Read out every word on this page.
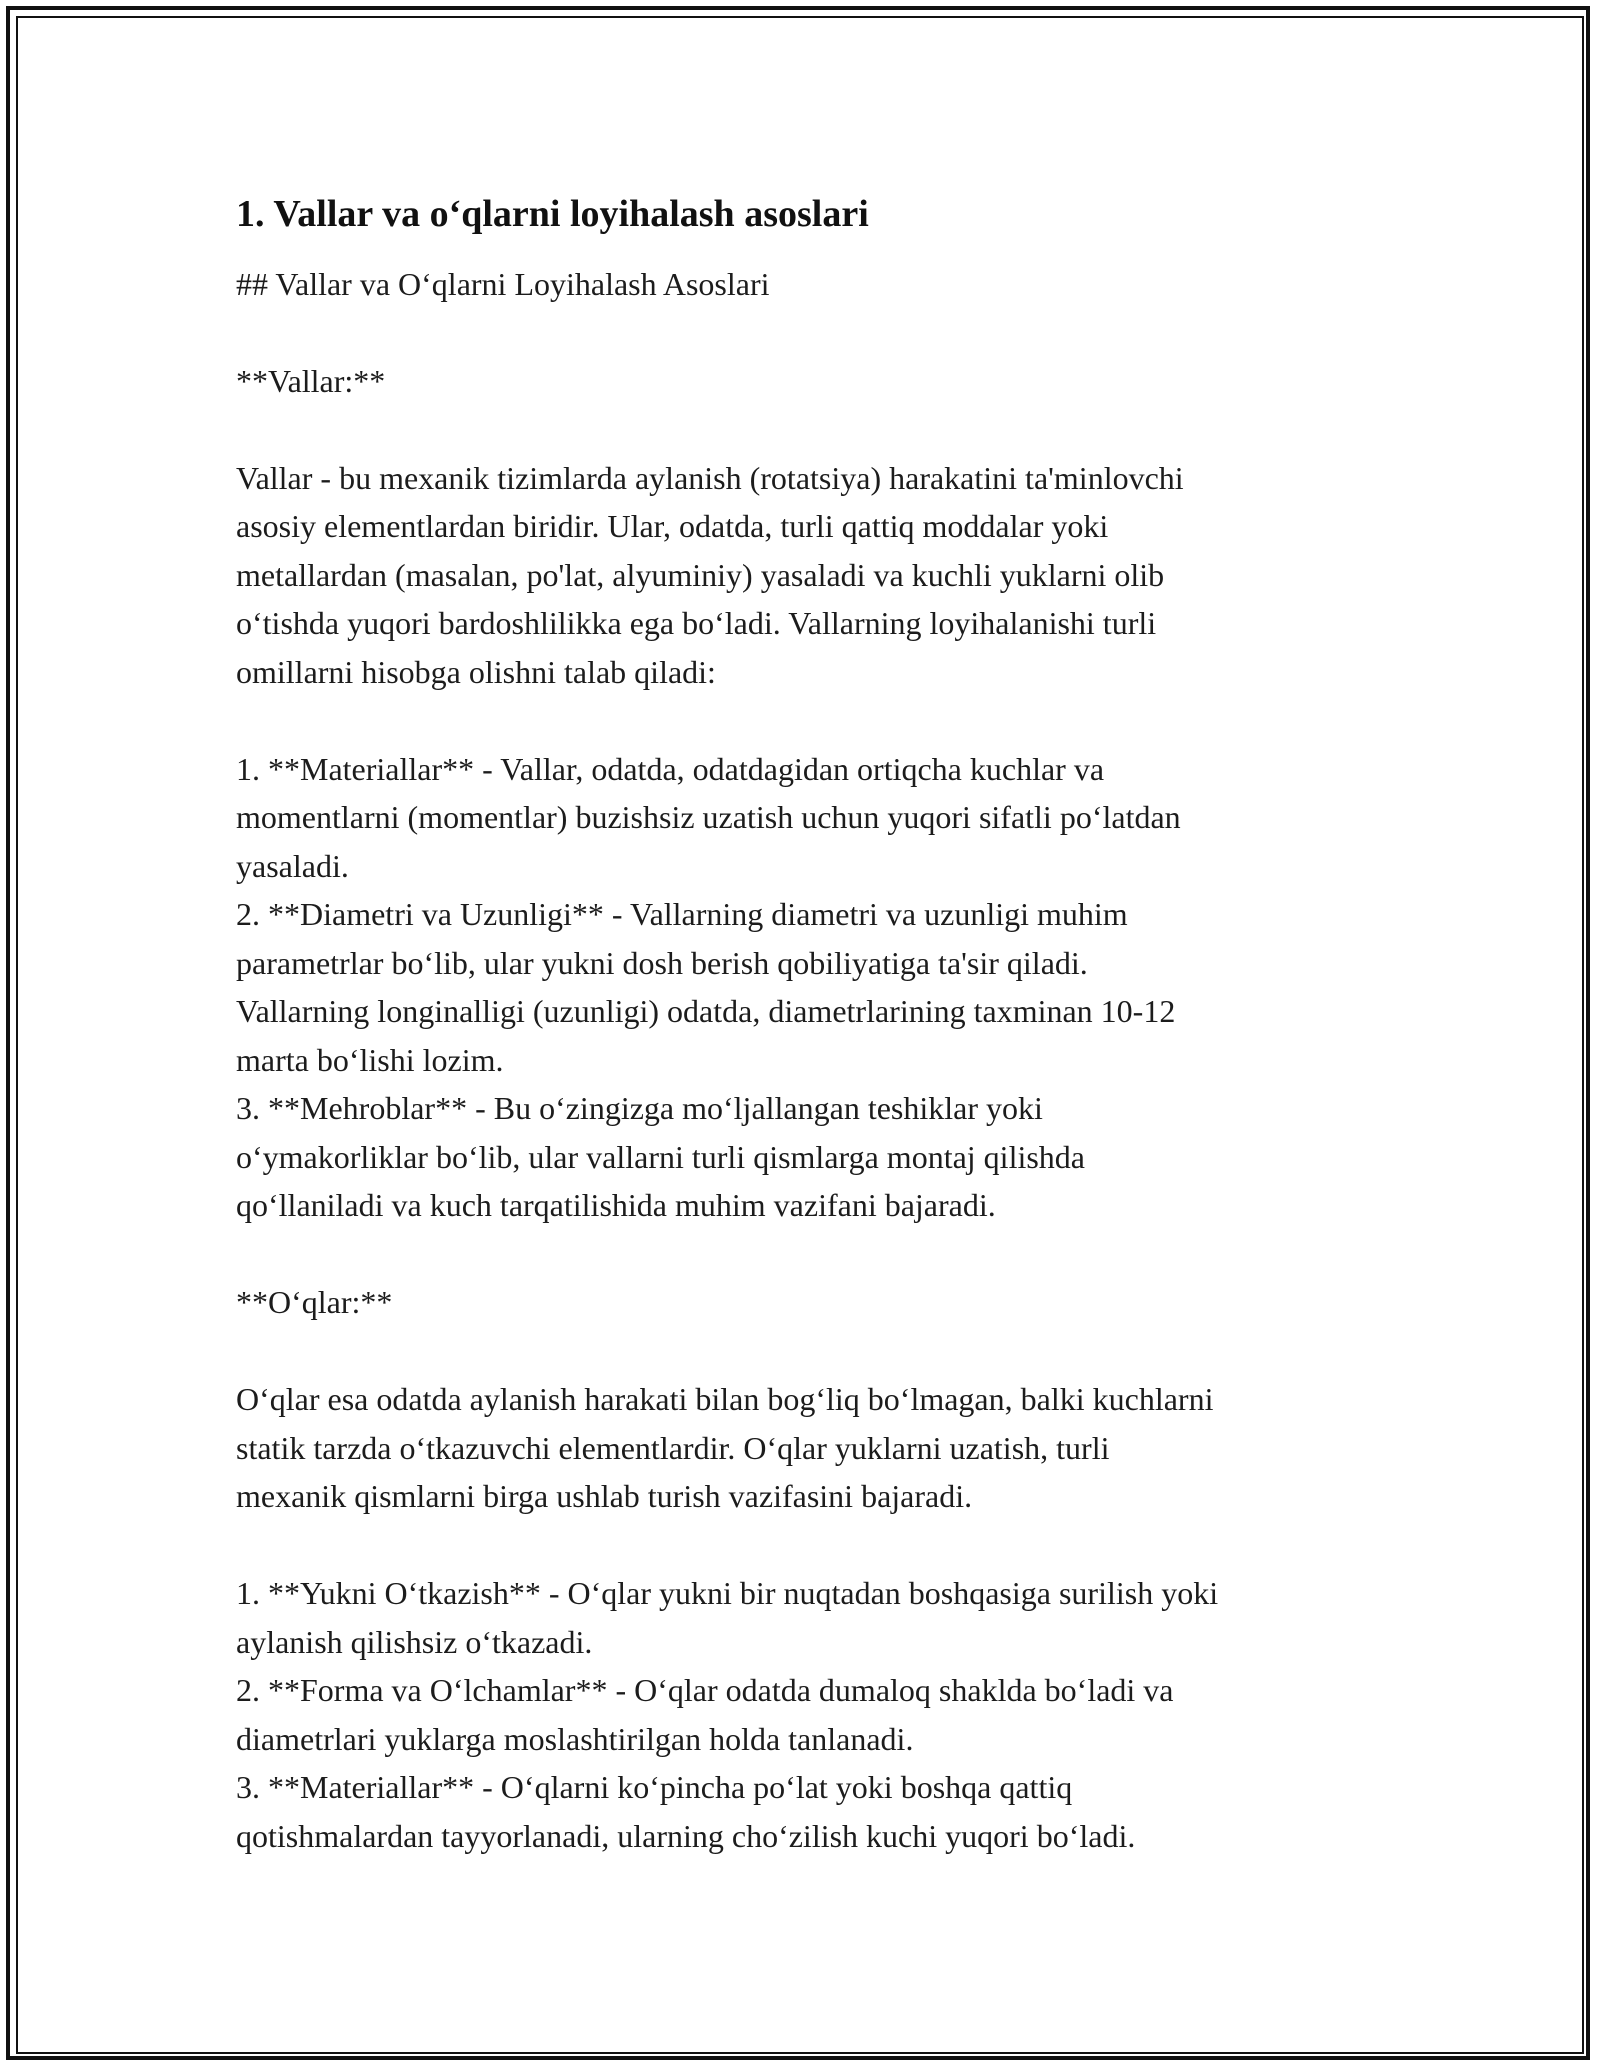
1. Vallar va o‘qlarni loyihalash asoslari

## Vallar va O‘qlarni Loyihalash Asoslari

**Vallar:**

Vallar - bu mexanik tizimlarda aylanish (rotatsiya) harakatini ta'minlovchi

asosiy elementlardan biridir. Ular, odatda, turli qattiq moddalar yoki

metallardan (masalan, po'lat, alyuminiy) yasaladi va kuchli yuklarni olib

o‘tishda yuqori bardoshlilikka ega bo‘ladi. Vallarning loyihalanishi turli

omillarni hisobga olishni talab qiladi:

1. **Materiallar** - Vallar, odatda, odatdagidan ortiqcha kuchlar va

momentlarni (momentlar) buzishsiz uzatish uchun yuqori sifatli po‘latdan

yasaladi.

2. **Diametri va Uzunligi** - Vallarning diametri va uzunligi muhim

parametrlar bo‘lib, ular yukni dosh berish qobiliyatiga ta'sir qiladi.

Vallarning longinalligi (uzunligi) odatda, diametrlarining taxminan 10-12

marta bo‘lishi lozim.

3. **Mehroblar** - Bu o‘zingizga mo‘ljallangan teshiklar yoki

o‘ymakorliklar bo‘lib, ular vallarni turli qismlarga montaj qilishda

qo‘llaniladi va kuch tarqatilishida muhim vazifani bajaradi.

**O‘qlar:**

O‘qlar esa odatda aylanish harakati bilan bog‘liq bo‘lmagan, balki kuchlarni

statik tarzda o‘tkazuvchi elementlardir. O‘qlar yuklarni uzatish, turli

mexanik qismlarni birga ushlab turish vazifasini bajaradi.

1. **Yukni O‘tkazish** - O‘qlar yukni bir nuqtadan boshqasiga surilish yoki

aylanish qilishsiz o‘tkazadi.

2. **Forma va O‘lchamlar** - O‘qlar odatda dumaloq shaklda bo‘ladi va

diametrlari yuklarga moslashtirilgan holda tanlanadi.

3. **Materiallar** - O‘qlarni ko‘pincha po‘lat yoki boshqa qattiq

qotishmalardan tayyorlanadi, ularning cho‘zilish kuchi yuqori bo‘ladi.
